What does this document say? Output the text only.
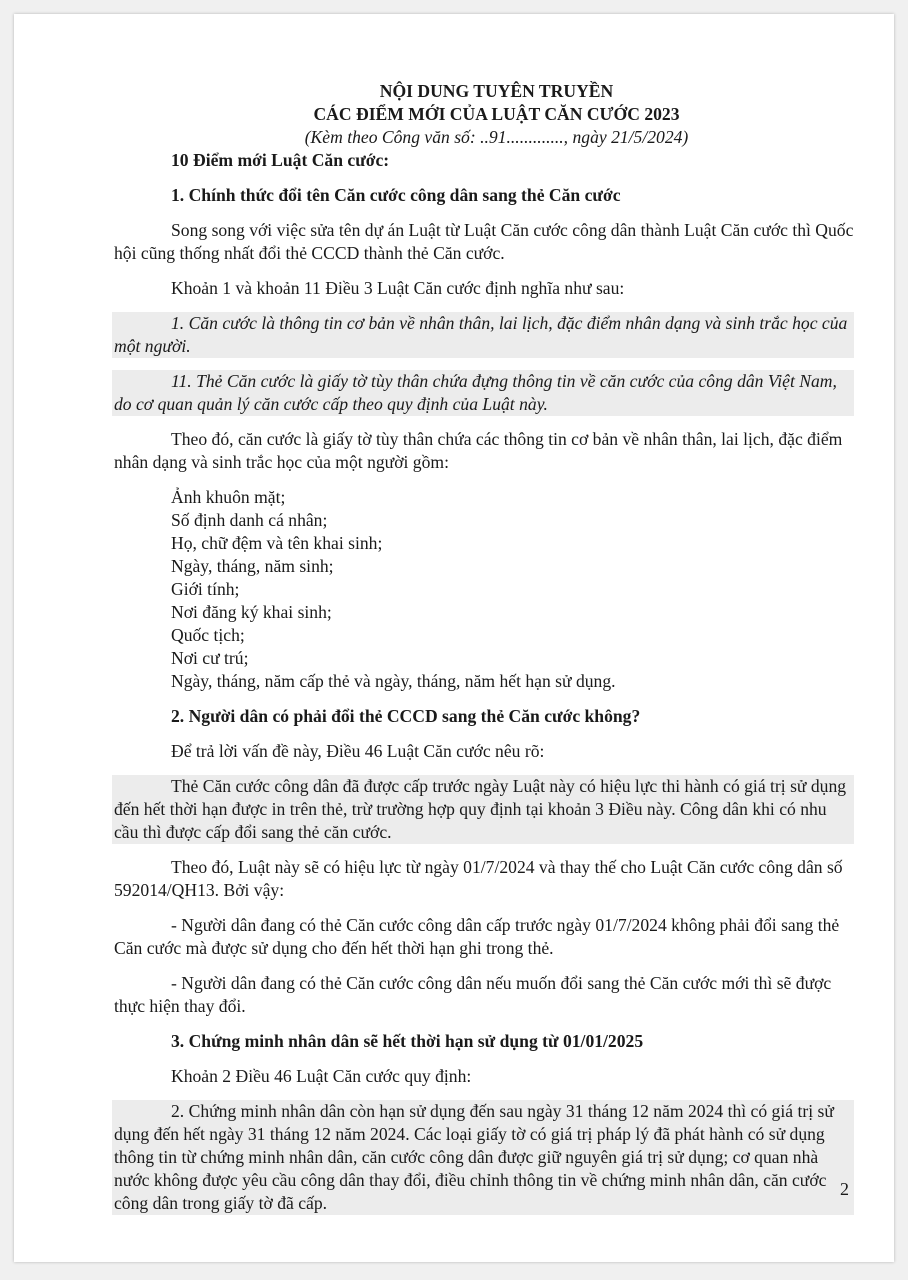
NỘI DUNG TUYÊN TRUYỀN

CÁC ĐIỂM MỚI CỦA LUẬT CĂN CƯỚC 2023

(Kèm theo Công văn số: ..91............., ngày 21/5/2024)

10 Điểm mới Luật Căn cước:

1. Chính thức đổi tên Căn cước công dân sang thẻ Căn cước

Song song với việc sửa tên dự án Luật từ Luật Căn cước công dân thành Luật Căn cước thì Quốc hội cũng thống nhất đổi thẻ CCCD thành thẻ Căn cước.

Khoản 1 và khoản 11 Điều 3 Luật Căn cước định nghĩa như sau:

1. Căn cước là thông tin cơ bản về nhân thân, lai lịch, đặc điểm nhân dạng và sinh trắc học của một người.

11. Thẻ Căn cước là giấy tờ tùy thân chứa đựng thông tin về căn cước của công dân Việt Nam, do cơ quan quản lý căn cước cấp theo quy định của Luật này.

Theo đó, căn cước là giấy tờ tùy thân chứa các thông tin cơ bản về nhân thân, lai lịch, đặc điểm nhân dạng và sinh trắc học của một người gồm:

Ảnh khuôn mặt;
Số định danh cá nhân;
Họ, chữ đệm và tên khai sinh;
Ngày, tháng, năm sinh;
Giới tính;
Nơi đăng ký khai sinh;
Quốc tịch;
Nơi cư trú;
Ngày, tháng, năm cấp thẻ và ngày, tháng, năm hết hạn sử dụng.

2. Người dân có phải đổi thẻ CCCD sang thẻ Căn cước không?

Để trả lời vấn đề này, Điều 46 Luật Căn cước nêu rõ:

Thẻ Căn cước công dân đã được cấp trước ngày Luật này có hiệu lực thi hành có giá trị sử dụng đến hết thời hạn được in trên thẻ, trừ trường hợp quy định tại khoản 3 Điều này. Công dân khi có nhu cầu thì được cấp đổi sang thẻ căn cước.

Theo đó, Luật này sẽ có hiệu lực từ ngày 01/7/2024 và thay thế cho Luật Căn cước công dân số 592014/QH13. Bởi vậy:

- Người dân đang có thẻ Căn cước công dân cấp trước ngày 01/7/2024 không phải đổi sang thẻ Căn cước mà được sử dụng cho đến hết thời hạn ghi trong thẻ.

- Người dân đang có thẻ Căn cước công dân nếu muốn đổi sang thẻ Căn cước mới thì sẽ được thực hiện thay đổi.

3. Chứng minh nhân dân sẽ hết thời hạn sử dụng từ 01/01/2025

Khoản 2 Điều 46 Luật Căn cước quy định:

2. Chứng minh nhân dân còn hạn sử dụng đến sau ngày 31 tháng 12 năm 2024 thì có giá trị sử dụng đến hết ngày 31 tháng 12 năm 2024. Các loại giấy tờ có giá trị pháp lý đã phát hành có sử dụng thông tin từ chứng minh nhân dân, căn cước công dân được giữ nguyên giá trị sử dụng; cơ quan nhà nước không được yêu cầu công dân thay đổi, điều chỉnh thông tin về chứng minh nhân dân, căn cước công dân trong giấy tờ đã cấp.

2
